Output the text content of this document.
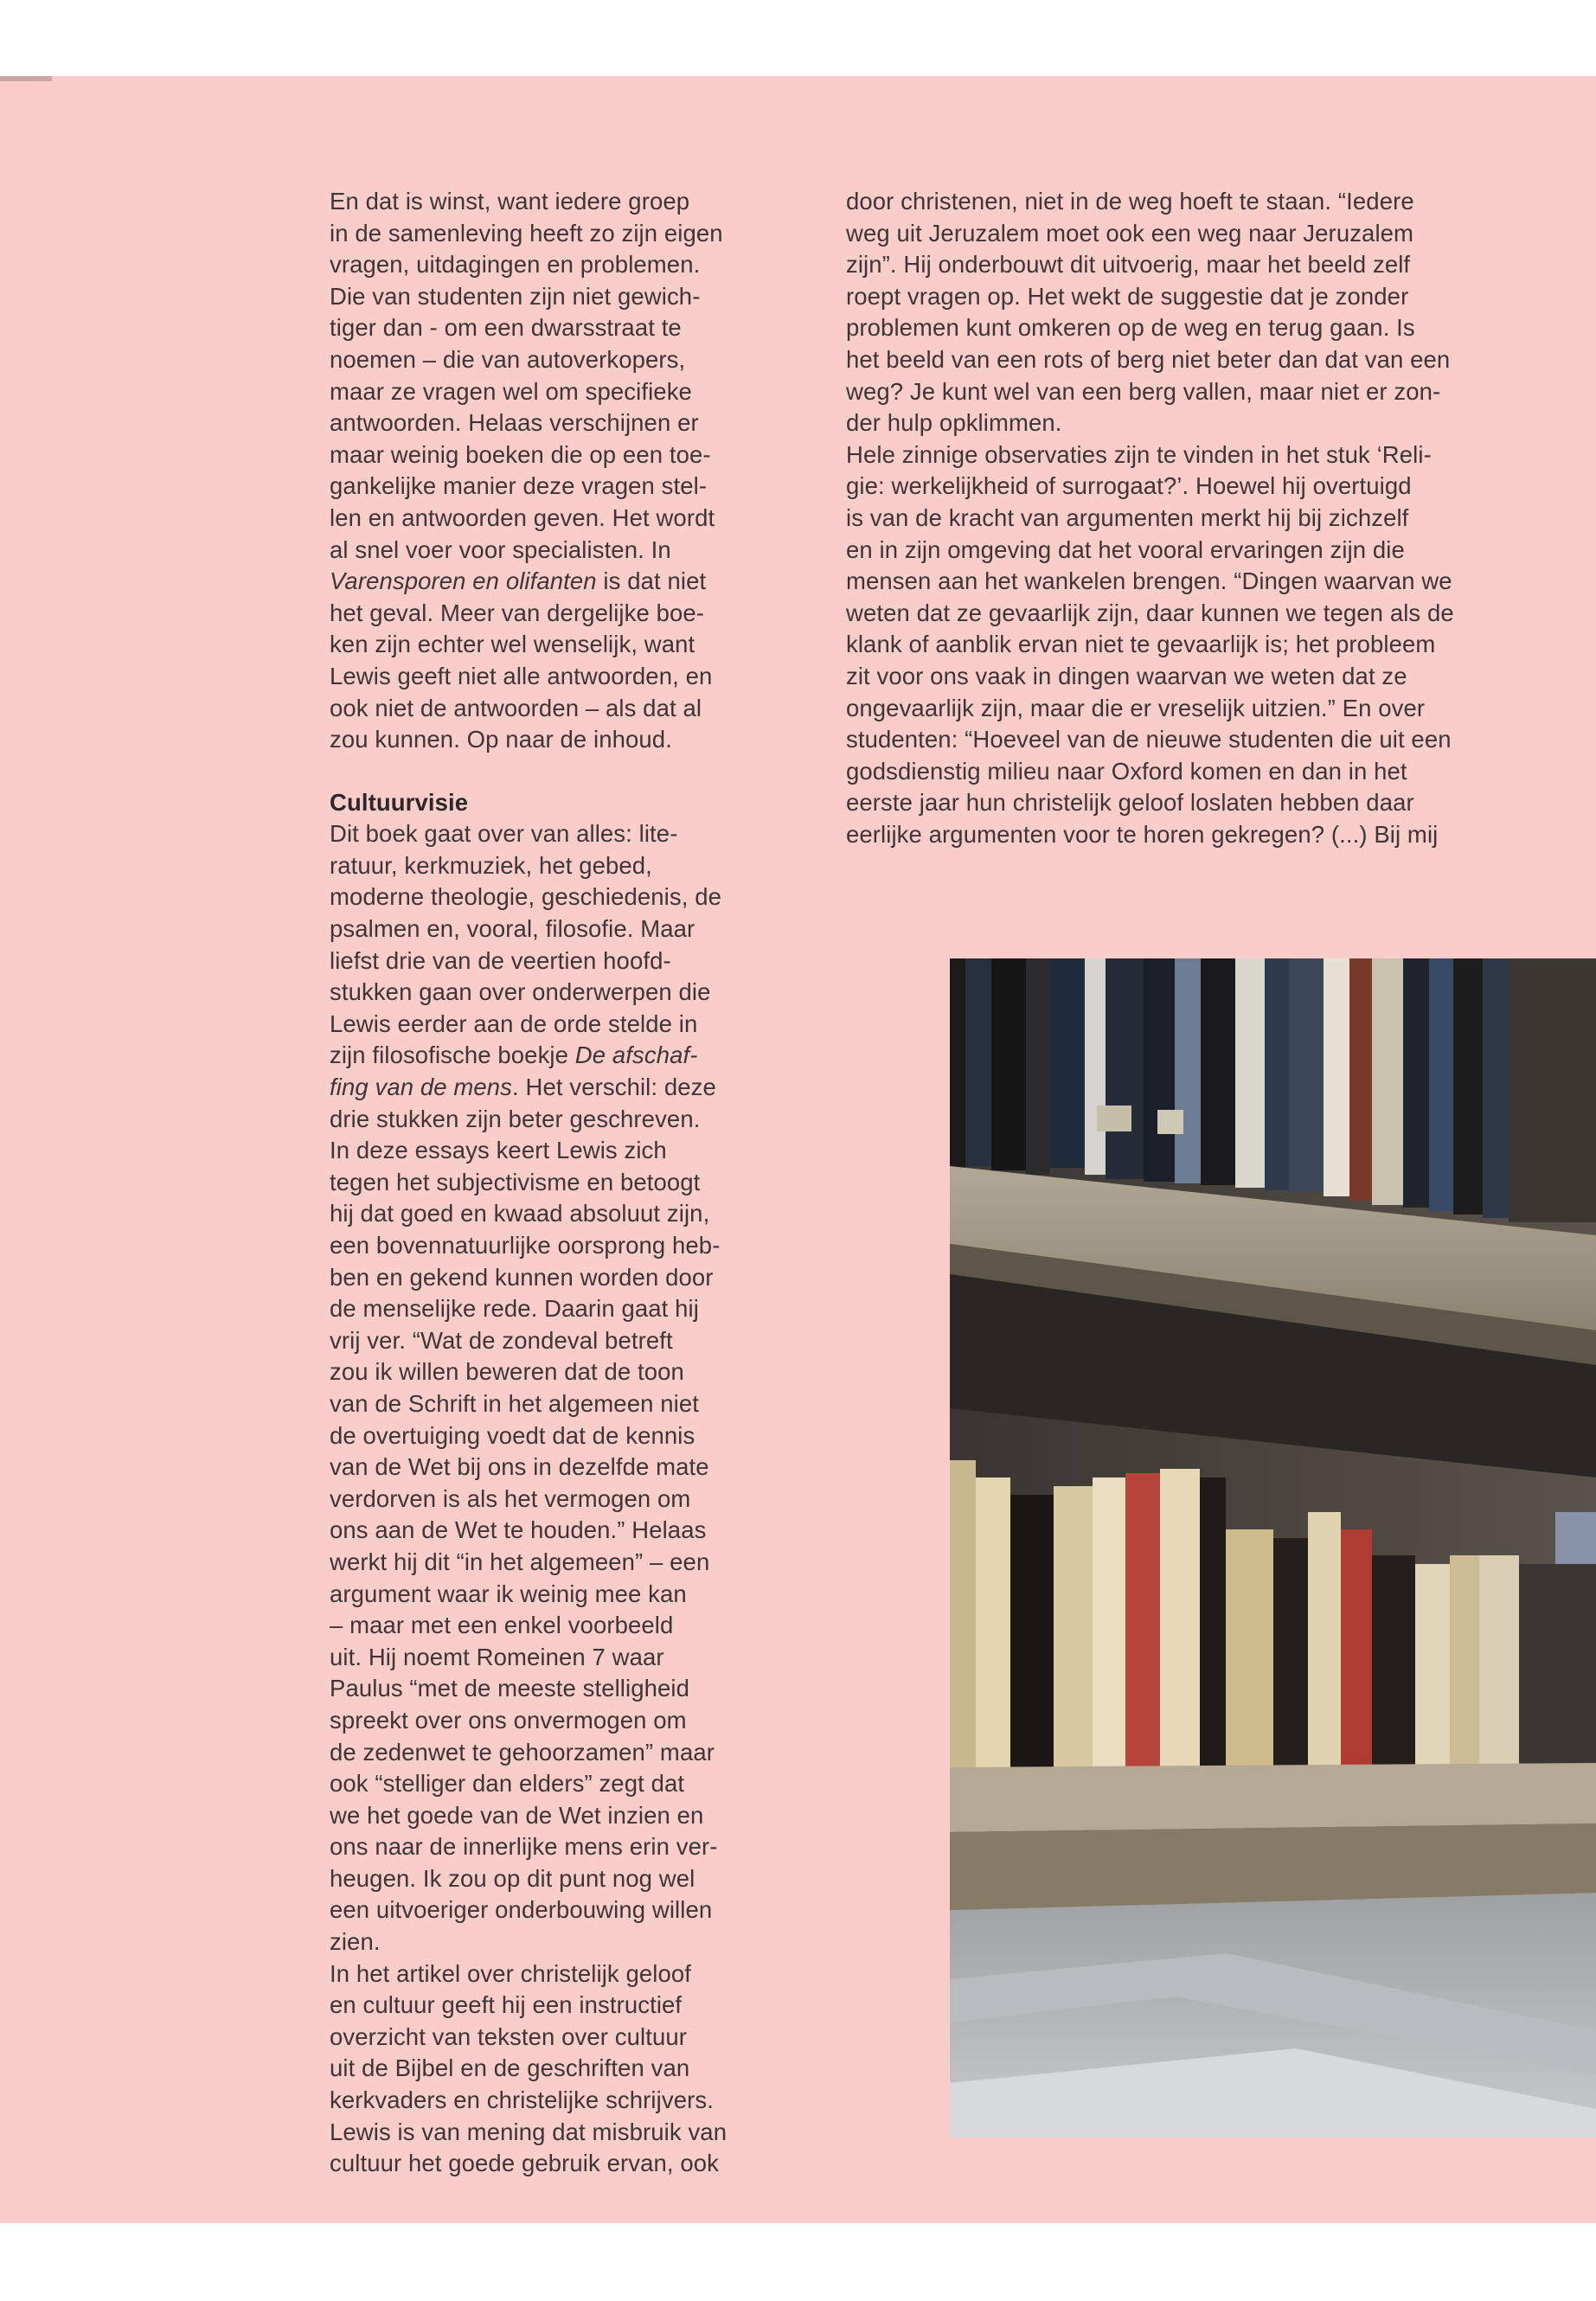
En dat is winst, want iedere groep
in de samenleving heeft zo zijn eigen
vragen, uitdagingen en problemen.
Die van studenten zijn niet gewich-
tiger dan - om een dwarsstraat te
noemen – die van autoverkopers,
maar ze vragen wel om specifieke
antwoorden. Helaas verschijnen er
maar weinig boeken die op een toe-
gankelijke manier deze vragen stel-
len en antwoorden geven. Het wordt
al snel voer voor specialisten. In
Varensporen en olifanten is dat niet
het geval. Meer van dergelijke boe-
ken zijn echter wel wenselijk, want
Lewis geeft niet alle antwoorden, en
ook niet de antwoorden – als dat al
zou kunnen. Op naar de inhoud.

Cultuurvisie

Dit boek gaat over van alles: lite-
ratuur, kerkmuziek, het gebed,
moderne theologie, geschiedenis, de
psalmen en, vooral, filosofie. Maar
liefst drie van de veertien hoofd-
stukken gaan over onderwerpen die
Lewis eerder aan de orde stelde in
zijn filosofische boekje De afschaf-
fing van de mens. Het verschil: deze
drie stukken zijn beter geschreven.
In deze essays keert Lewis zich
tegen het subjectivisme en betoogt
hij dat goed en kwaad absoluut zijn,
een bovennatuurlijke oorsprong heb-
ben en gekend kunnen worden door
de menselijke rede. Daarin gaat hij
vrij ver. “Wat de zondeval betreft
zou ik willen beweren dat de toon
van de Schrift in het algemeen niet
de overtuiging voedt dat de kennis
van de Wet bij ons in dezelfde mate
verdorven is als het vermogen om
ons aan de Wet te houden.” Helaas
werkt hij dit “in het algemeen” – een
argument waar ik weinig mee kan
– maar met een enkel voorbeeld
uit. Hij noemt Romeinen 7 waar
Paulus “met de meeste stelligheid
spreekt over ons onvermogen om
de zedenwet te gehoorzamen” maar
ook “stelliger dan elders” zegt dat
we het goede van de Wet inzien en
ons naar de innerlijke mens erin ver-
heugen. Ik zou op dit punt nog wel
een uitvoeriger onderbouwing willen
zien.

In het artikel over christelijk geloof
en cultuur geeft hij een instructief
overzicht van teksten over cultuur
uit de Bijbel en de geschriften van
kerkvaders en christelijke schrijvers.
Lewis is van mening dat misbruik van
cultuur het goede gebruik ervan, ook

door christenen, niet in de weg hoeft te staan. “Iedere
weg uit Jeruzalem moet ook een weg naar Jeruzalem
zijn”. Hij onderbouwt dit uitvoerig, maar het beeld zelf
roept vragen op. Het wekt de suggestie dat je zonder
problemen kunt omkeren op de weg en terug gaan. Is
het beeld van een rots of berg niet beter dan dat van een
weg? Je kunt wel van een berg vallen, maar niet er zon-
der hulp opklimmen.

Hele zinnige observaties zijn te vinden in het stuk ‘Reli-
gie: werkelijkheid of surrogaat?’. Hoewel hij overtuigd
is van de kracht van argumenten merkt hij bij zichzelf
en in zijn omgeving dat het vooral ervaringen zijn die
mensen aan het wankelen brengen. “Dingen waarvan we
weten dat ze gevaarlijk zijn, daar kunnen we tegen als de
klank of aanblik ervan niet te gevaarlijk is; het probleem
zit voor ons vaak in dingen waarvan we weten dat ze
ongevaarlijk zijn, maar die er vreselijk uitzien.” En over
studenten: “Hoeveel van de nieuwe studenten die uit een
godsdienstig milieu naar Oxford komen en dan in het
eerste jaar hun christelijk geloof loslaten hebben daar
eerlijke argumenten voor te horen gekregen? (...) Bij mij
